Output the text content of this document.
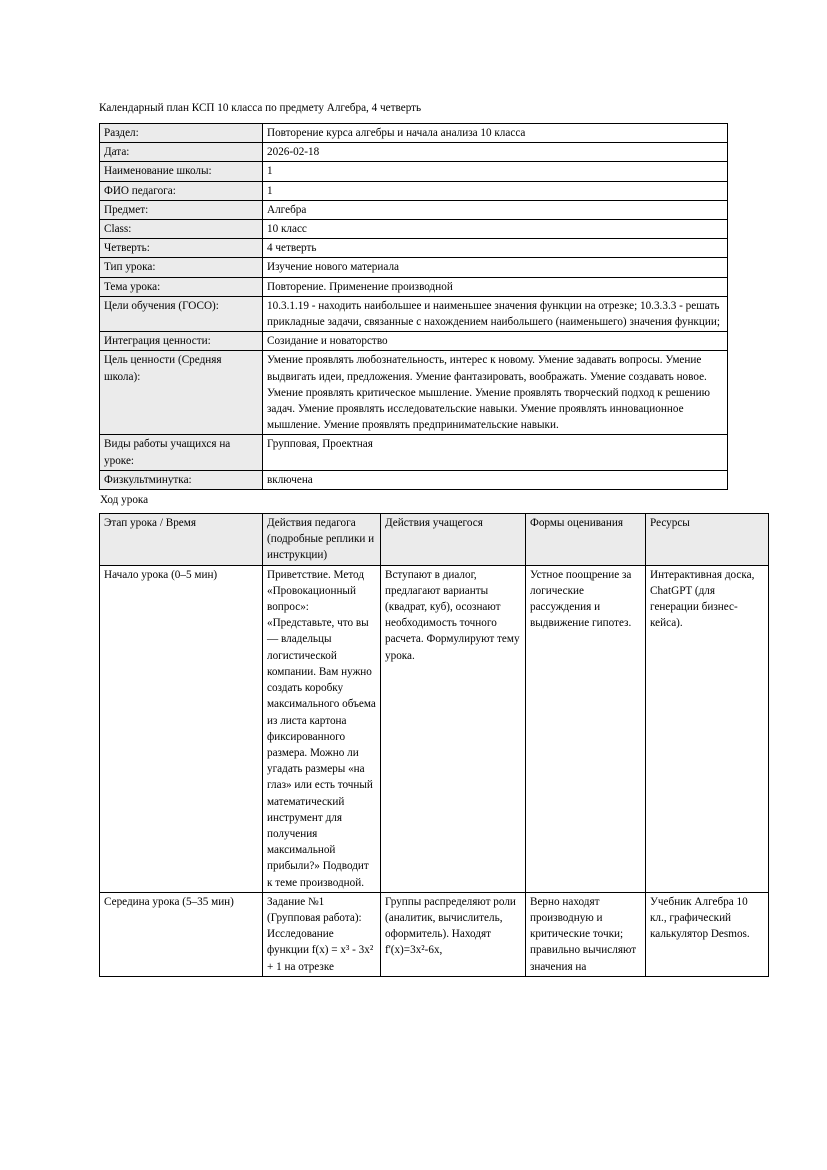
Календарный план КСП 10 класса по предмету Алгебра, 4 четверть
Раздел:	Повторение курса алгебры и начала анализа 10 класса
Дата:	2026-02-18
Наименование школы:	1
ФИО педагога:	1
Предмет:	Алгебра
Class:	10 класс
Четверть:	4 четверть
Тип урока:	Изучение нового материала
Тема урока:	Повторение. Применение производной
Цели обучения (ГОСО):	10.3.1.19 - находить наибольшее и наименьшее значения функции на отрезке; 10.3.3.3 - решать прикладные задачи, связанные с нахождением наибольшего (наименьшего) значения функции;
Интеграция ценности:	Созидание и новаторство
Цель ценности (Средняя школа):	Умение проявлять любознательность, интерес к новому. Умение задавать вопросы. Умение выдвигать идеи, предложения. Умение фантазировать, воображать. Умение создавать новое. Умение проявлять критическое мышление. Умение проявлять творческий подход к решению задач. Умение проявлять исследовательские навыки. Умение проявлять инновационное мышление. Умение проявлять предпринимательские навыки.
Виды работы учащихся на уроке:	Групповая, Проектная
Физкультминутка:	включена
Ход урока
Этап урока / Время	Действия педагога (подробные реплики и инструкции)	Действия учащегося	Формы оценивания	Ресурсы
Начало урока (0–5 мин)	Приветствие. Метод «Провокационный вопрос»: «Представьте, что вы — владельцы логистической компании. Вам нужно создать коробку максимального объема из листа картона фиксированного размера. Можно ли угадать размеры «на глаз» или есть точный математический инструмент для получения максимальной прибыли?» Подводит к теме производной.	Вступают в диалог, предлагают варианты (квадрат, куб), осознают необходимость точного расчета. Формулируют тему урока.	Устное поощрение за логические рассуждения и выдвижение гипотез.	Интерактивная доска, ChatGPT (для генерации бизнес-кейса).
Середина урока (5–35 мин)	Задание №1 (Групповая работа): Исследование функции f(x) = x³ - 3x² + 1 на отрезке	Группы распределяют роли (аналитик, вычислитель, оформитель). Находят f'(x)=3x²-6x,	Верно находят производную и критические точки; правильно вычисляют значения на	Учебник Алгебра 10 кл., графический калькулятор Desmos.
